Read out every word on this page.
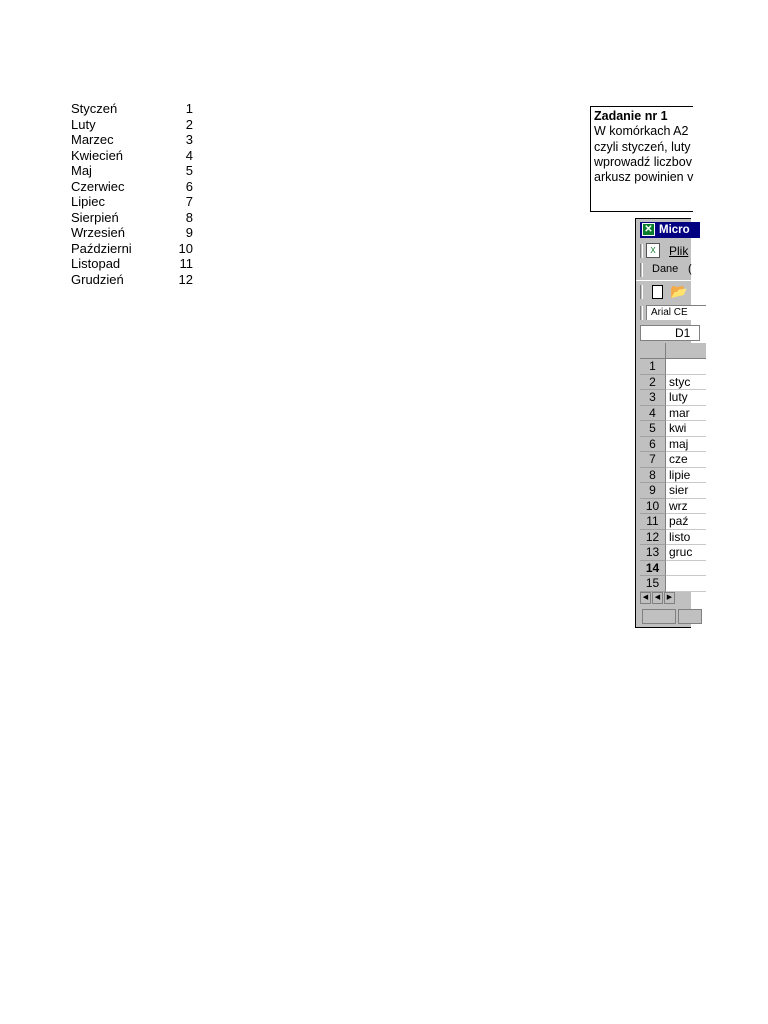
Styczeń	1
Luty	2
Marzec	3
Kwiecień	4
Maj	5
Czerwiec	6
Lipiec	7
Sierpień	8
Wrzesień	9
Październi	10
Listopad	11
Grudzień	12
Zadanie nr 1
W komórkach A2
czyli styczeń, luty
wprowadź liczbov
arkusz powinien v
✕ Micro
X	Plik
Dane (
📂
Arial CE
D1
1
2	styc
3	luty
4	mar
5	kwi
6	maj
7	cze
8	lipie
9	sier
10 wrz
11 paź
12 listo
13 gruc
14
15
◀ ◀ ▶
